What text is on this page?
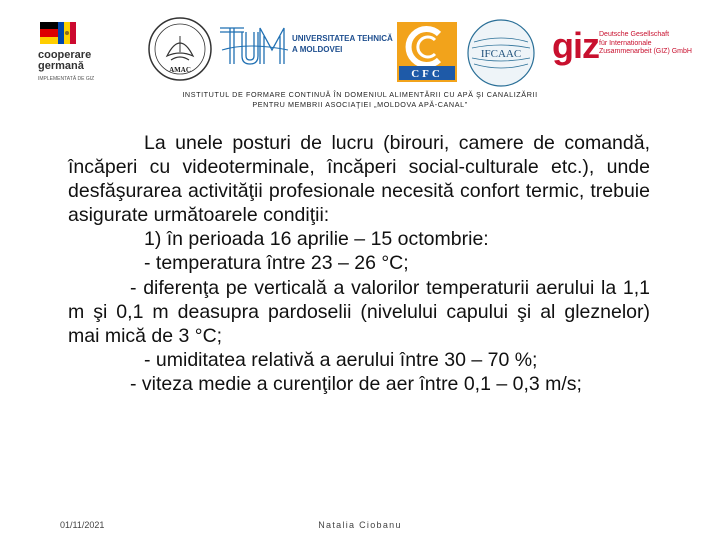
cooperare
germană
IMPLEMENTATĂ DE GIZ
AMAC
UNIVERSITATEA TEHNICĂ
A MOLDOVEI
CFC
IFCAAC giz Deutsche Gesellschaft
für Internationale
Zusammenarbeit (GIZ) GmbH
INSTITUTUL DE FORMARE CONTINUĂ ÎN DOMENIUL ALIMENTĂRII CU APĂ ŞI CANALIZĂRII
PENTRU MEMBRII ASOCIAŢIEI „MOLDOVA APĂ-CANAL”

La unele posturi de lucru (birouri, camere de comandă, încăperi cu videoterminale, încăperi social-culturale etc.), unde desfăşurarea activităţii profesionale necesită confort termic, trebuie asigurate următoarele condiţii:

1) în perioada 16 aprilie – 15 octombrie:

- temperatura între 23 – 26 °C;

- diferenţa pe verticală a valorilor temperaturii aerului la 1,1 m şi 0,1 m deasupra pardoselii (nivelului capului şi al gleznelor) mai mică de 3 °C;

- umiditatea relativă a aerului între 30 – 70 %;

- viteza medie a curenţilor de aer între 0,1 – 0,3 m/s;

01/11/2021	Natalia Ciobanu
